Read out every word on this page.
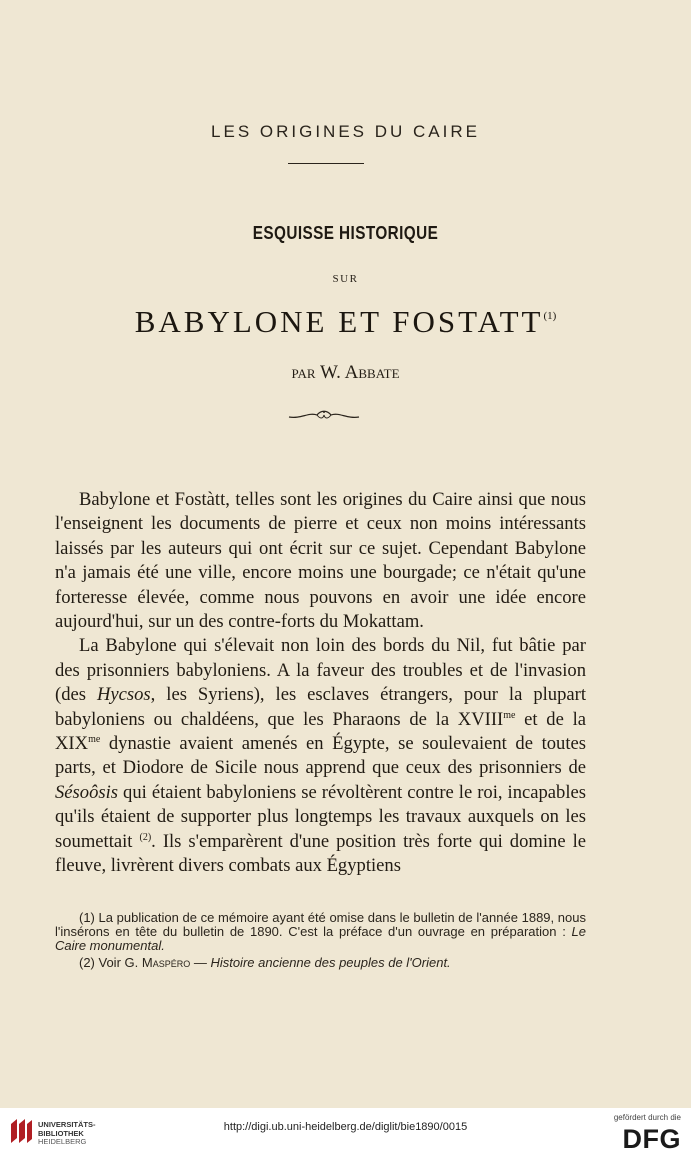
LES ORIGINES DU CAIRE
ESQUISSE HISTORIQUE
SUR
BABYLONE ET FOSTATT$^{(1)}$
PAR W. ABBATE

Babylone et Fostàtt, telles sont les origines du Caire ainsi que nous l'enseignent les documents de pierre et ceux non moins intéressants laissés par les auteurs qui ont écrit sur ce sujet. Cependant Babylone n'a jamais été une ville, encore moins une bourgade; ce n'était qu'une forteresse élevée, comme nous pouvons en avoir une idée encore aujourd'hui, sur un des contre-forts du Mokattam.

La Babylone qui s'élevait non loin des bords du Nil, fut bâtie par des prisonniers babyloniens. A la faveur des troubles et de l'invasion (des Hycsos, les Syriens), les esclaves étrangers, pour la plupart babyloniens ou chaldéens, que les Pharaons de la $XVIII^{me}$ et de la $XIX^{me}$ dynastie avaient amenés en Égypte, se soulevaient de toutes parts, et Diodore de Sicile nous apprend que ceux des prisonniers de Sésoôsis qui étaient babyloniens se révoltèrent contre le roi, incapables qu'ils étaient de supporter plus longtemps les travaux auxquels on les soumettait $^{(2)}$. Ils s'emparèrent d'une position très forte qui domine le fleuve, livrèrent divers combats aux Égyptiens

(1) La publication de ce mémoire ayant été omise dans le bulletin de l'année 1889, nous l'insérons en tête du bulletin de 1890. C'est la préface d'un ouvrage en préparation : Le Caire monumental.

(2) Voir G. Maspéro — Histoire ancienne des peuples de l'Orient.

UNIVERSITÄTS-
BIBLIOTHEK
HEIDELBERG
http://digi.ub.uni-heidelberg.de/diglit/bie1890/0015
gefördert durch die
DFG
